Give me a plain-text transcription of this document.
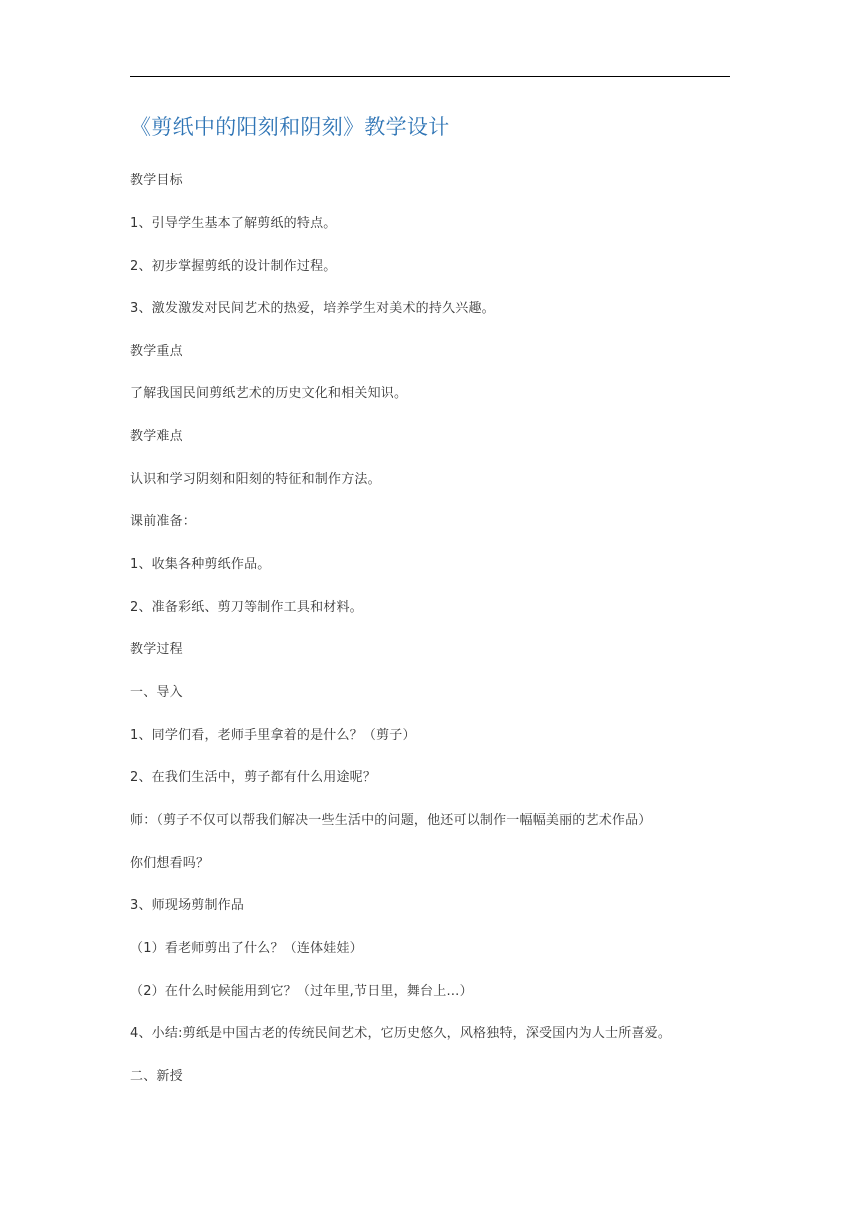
《剪纸中的阳刻和阴刻》教学设计
教学目标
1、引导学生基本了解剪纸的特点。
2、初步掌握剪纸的设计制作过程。
3、激发激发对民间艺术的热爱，培养学生对美术的持久兴趣。
教学重点
了解我国民间剪纸艺术的历史文化和相关知识。
教学难点
认识和学习阴刻和阳刻的特征和制作方法。
课前准备：
1、收集各种剪纸作品。
2、准备彩纸、剪刀等制作工具和材料。
教学过程
一、导入
1、同学们看，老师手里拿着的是什么？（剪子）
2、在我们生活中，剪子都有什么用途呢？
师：（剪子不仅可以帮我们解决一些生活中的问题，他还可以制作一幅幅美丽的艺术作品）
你们想看吗？
3、师现场剪制作品
（1）看老师剪出了什么？（连体娃娃）
（2）在什么时候能用到它？（过年里,节日里，舞台上…）
4、小结:剪纸是中国古老的传统民间艺术，它历史悠久，风格独特，深受国内为人士所喜爱。
二、新授
